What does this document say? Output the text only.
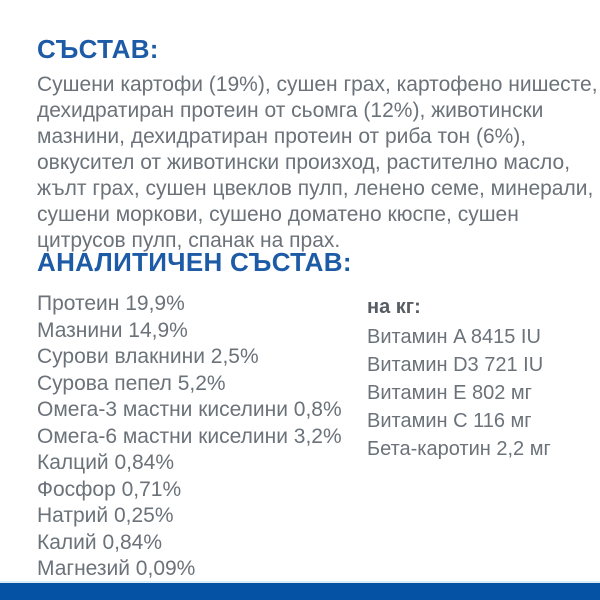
СЪСТАВ:
Сушени картофи (19%), сушен грах, картофено нишесте,
дехидратиран протеин от сьомга (12%), животински
мазнини, дехидратиран протеин от риба тон (6%),
овкусител от животински произход, растително масло,
жълт грах, сушен цвеклов пулп, ленено семе, минерали,
сушени моркови, сушено доматено кюспе, сушен
цитрусов пулп, спанак на прах.
АНАЛИТИЧЕН СЪСТАВ:
Протеин 19,9%
Мазнини 14,9%
Сурови влакнини 2,5%
Сурова пепел 5,2%
Омега-3 мастни киселини 0,8%
Омега-6 мастни киселини 3,2%
Калций 0,84%
Фосфор 0,71%
Натрий 0,25%
Калий 0,84%
Магнезий 0,09%
на кг:
Витамин A 8415 IU
Витамин D3 721 IU
Витамин E 802 мг
Витамин C 116 мг
Бета-каротин 2,2 мг
